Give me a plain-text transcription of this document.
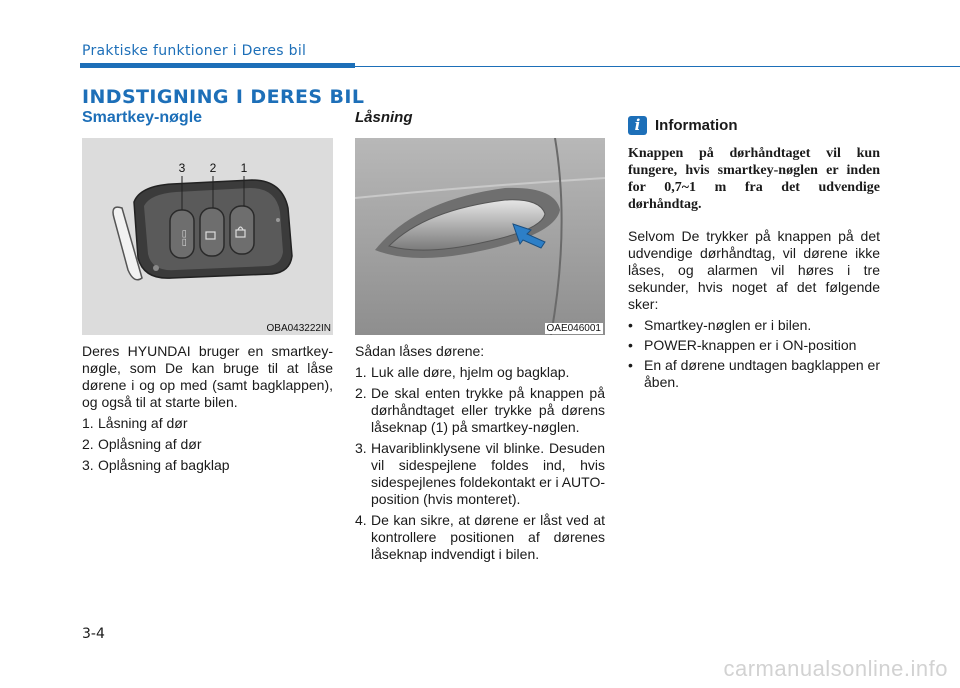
Praktiske funktioner i Deres bil
INDSTIGNING I DERES BIL
Smartkey-nøgle
▭▭
3 2 1
OBA043222IN

Deres HYUNDAI bruger en smartkey-nøgle, som De kan bruge til at låse dørene i og op med (samt bagklappen), og også til at starte bilen.

1. Låsning af dør
2. Oplåsning af dør
3. Oplåsning af bagklap
Låsning
OAE046001

Sådan låses dørene:

1. Luk alle døre, hjelm og bagklap.
2. De skal enten trykke på knappen på dørhåndtaget eller trykke på dørens låseknap (1) på smartkey-nøglen.
3. Havariblinklysene vil blinke. Desuden vil sidespejlene foldes ind, hvis sidespejlenes foldekontakt er i AUTO-position (hvis monteret).
4. De kan sikre, at dørene er låst ved at kontrollere positionen af dørenes låseknap indvendigt i bilen.
i Information
Knappen på dørhåndtaget vil kun fungere, hvis smartkey-nøglen er inden for 0,7~1 m fra det udvendige dørhåndtag.

Selvom De trykker på knappen på det udvendige dørhåndtag, vil dørene ikke låses, og alarmen vil høres i tre sekunder, hvis noget af det følgende sker:

• Smartkey-nøglen er i bilen.
• POWER-knappen er i ON-position
• En af dørene undtagen bagklappen er åben.
3-4
carmanualsonline.info
